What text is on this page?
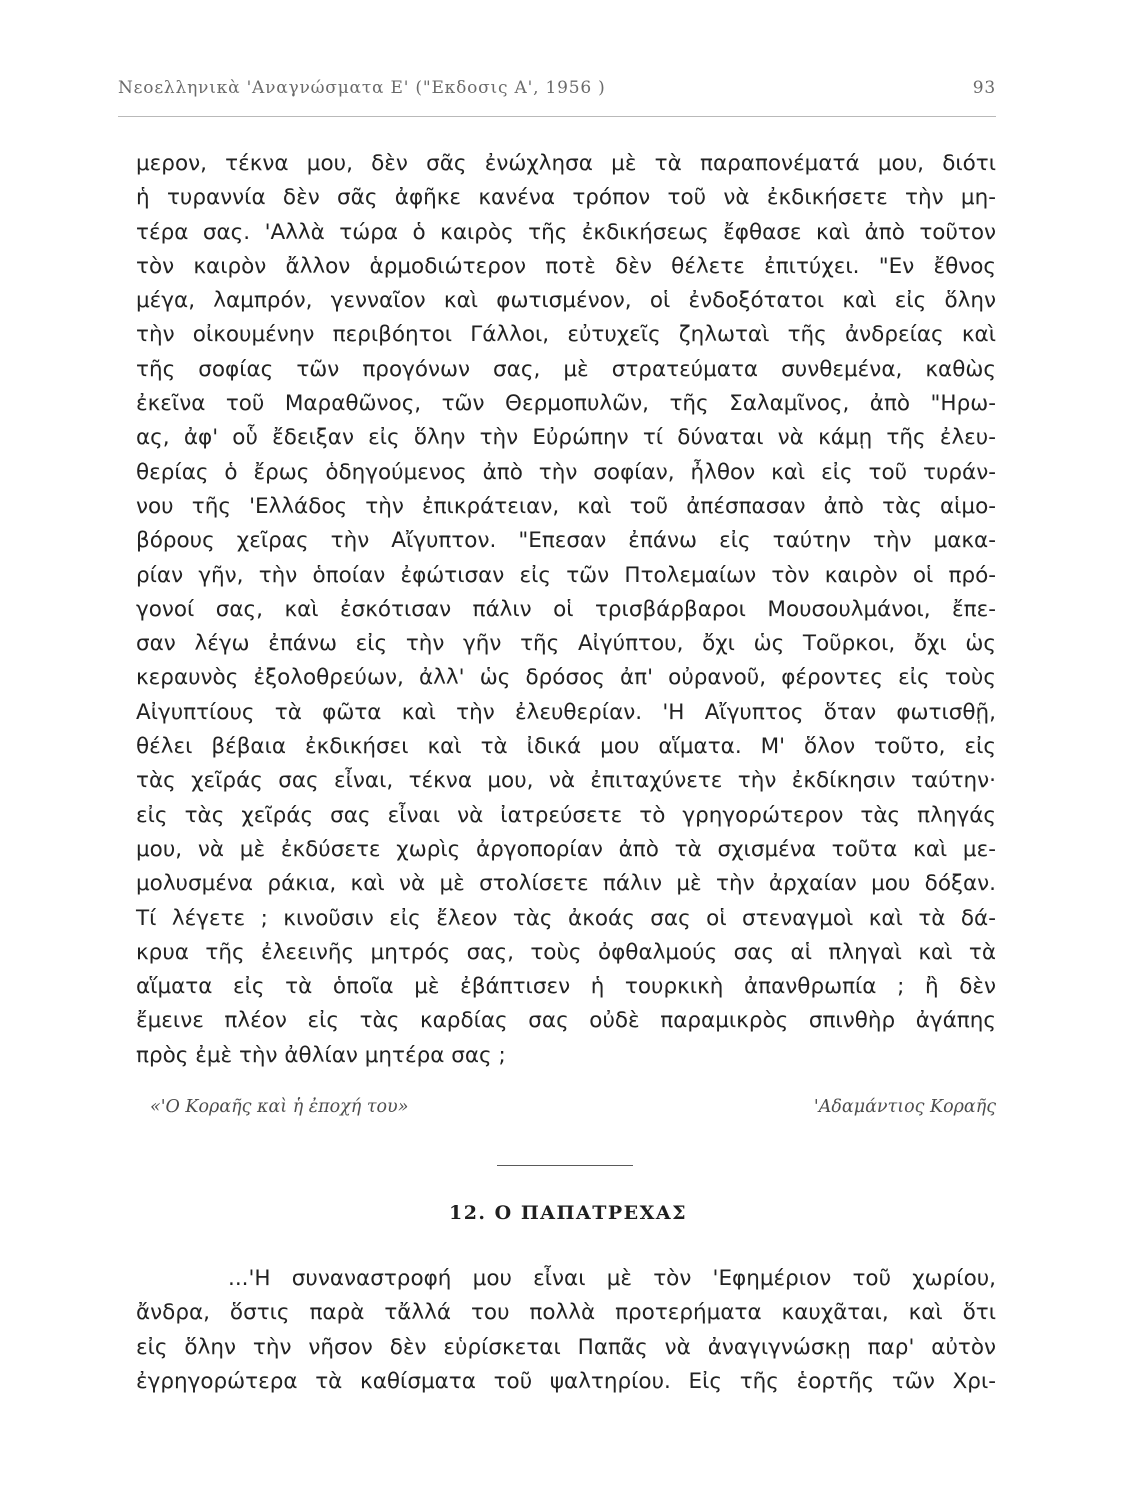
Νεοελληνικὰ 'Αναγνώσματα Ε' ("Εκδοσις Α', 1956 )	93
μερον, τέκνα μου, δὲν σᾶς ἐνώχλησα μὲ τὰ παραπονέματά μου, διότι
ἡ τυραννία δὲν σᾶς ἀφῆκε κανένα τρόπον τοῦ νὰ ἐκδικήσετε τὴν μη-
τέρα σας. 'Αλλὰ τώρα ὁ καιρὸς τῆς ἐκδικήσεως ἔφθασε καὶ ἀπὸ τοῦτον
τὸν καιρὸν ἄλλον ἁρμοδιώτερον ποτὲ δὲν θέλετε ἐπιτύχει. "Εν ἔθνος
μέγα, λαμπρόν, γενναῖον καὶ φωτισμένον, οἱ ἐνδοξότατοι καὶ εἰς ὅλην
τὴν οἰκουμένην περιβόητοι Γάλλοι, εὐτυχεῖς ζηλωταὶ τῆς ἀνδρείας καὶ
τῆς σοφίας τῶν προγόνων σας, μὲ στρατεύματα συνθεμένα, καθὼς
ἐκεῖνα τοῦ Μαραθῶνος, τῶν Θερμοπυλῶν, τῆς Σαλαμῖνος, ἀπὸ "Ηρω-
ας, ἀφ' οὗ ἔδειξαν εἰς ὅλην τὴν Εὐρώπην τί δύναται νὰ κάμῃ τῆς ἐλευ-
θερίας ὁ ἔρως ὁδηγούμενος ἀπὸ τὴν σοφίαν, ἦλθον καὶ εἰς τοῦ τυράν-
νου τῆς 'Ελλάδος τὴν ἐπικράτειαν, καὶ τοῦ ἀπέσπασαν ἀπὸ τὰς αἱμο-
βόρους χεῖρας τὴν Αἴγυπτον. "Επεσαν ἐπάνω εἰς ταύτην τὴν μακα-
ρίαν γῆν, τὴν ὁποίαν ἐφώτισαν εἰς τῶν Πτολεμαίων τὸν καιρὸν οἱ πρό-
γονοί σας, καὶ ἐσκότισαν πάλιν οἱ τρισβάρβαροι Μουσουλμάνοι, ἔπε-
σαν λέγω ἐπάνω εἰς τὴν γῆν τῆς Αἰγύπτου, ὄχι ὡς Τοῦρκοι, ὄχι ὡς
κεραυνὸς ἐξολοθρεύων, ἀλλ' ὡς δρόσος ἀπ' οὐρανοῦ, φέροντες εἰς τοὺς
Αἰγυπτίους τὰ φῶτα καὶ τὴν ἐλευθερίαν. 'Η Αἴγυπτος ὅταν φωτισθῇ,
θέλει βέβαια ἐκδικήσει καὶ τὰ ἰδικά μου αἵματα. Μ' ὅλον τοῦτο, εἰς
τὰς χεῖράς σας εἶναι, τέκνα μου, νὰ ἐπιταχύνετε τὴν ἐκδίκησιν ταύτην·
εἰς τὰς χεῖράς σας εἶναι νὰ ἰατρεύσετε τὸ γρηγορώτερον τὰς πληγάς
μου, νὰ μὲ ἐκδύσετε χωρὶς ἀργοπορίαν ἀπὸ τὰ σχισμένα τοῦτα καὶ με-
μολυσμένα ράκια, καὶ νὰ μὲ στολίσετε πάλιν μὲ τὴν ἀρχαίαν μου δόξαν.
Τί λέγετε ; κινοῦσιν εἰς ἔλεον τὰς ἀκοάς σας οἱ στεναγμοὶ καὶ τὰ δά-
κρυα τῆς ἐλεεινῆς μητρός σας, τοὺς ὀφθαλμούς σας αἱ πληγαὶ καὶ τὰ
αἵματα εἰς τὰ ὁποῖα μὲ ἐβάπτισεν ἡ τουρκικὴ ἀπανθρωπία ; ἢ δὲν
ἔμεινε πλέον εἰς τὰς καρδίας σας οὐδὲ παραμικρὸς σπινθὴρ ἀγάπης
πρὸς ἐμὲ τὴν ἀθλίαν μητέρα σας ;
«'Ο Κοραῆς καὶ ἡ ἐποχή του»	'Αδαμάντιος Κοραῆς
12. Ο ΠΑΠΑΤΡΕΧΑΣ
...'Η συναναστροφή μου εἶναι μὲ τὸν 'Εφημέριον τοῦ χωρίου,
ἄνδρα, ὅστις παρὰ τἄλλά του πολλὰ προτερήματα καυχᾶται, καὶ ὅτι
εἰς ὅλην τὴν νῆσον δὲν εὑρίσκεται Παπᾶς νὰ ἀναγιγνώσκῃ παρ' αὐτὸν
ἐγρηγορώτερα τὰ καθίσματα τοῦ ψαλτηρίου. Εἰς τῆς ἑορτῆς τῶν Χρι-
